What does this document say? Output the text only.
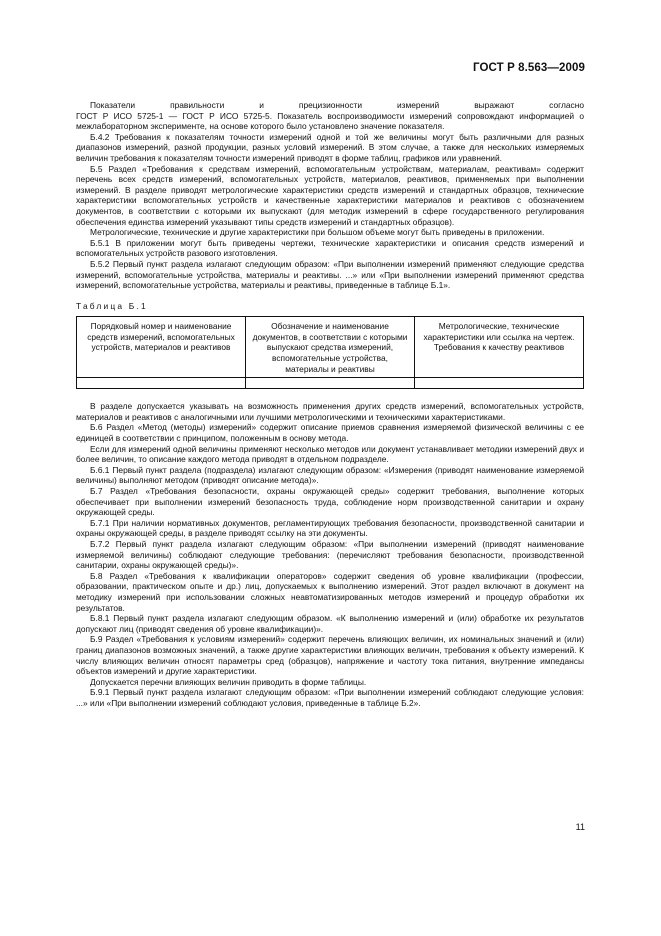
ГОСТ Р 8.563—2009

Показатели правильности и прецизионности измерений выражают согласно

ГОСТ Р ИСО 5725-1 — ГОСТ Р ИСО 5725-5. Показатель воспроизводимости измерений сопровождают информацией о межлабораторном эксперименте, на основе которого было установлено значение показателя.

Б.4.2 Требования к показателям точности измерений одной и той же величины могут быть различными для разных диапазонов измерений, разной продукции, разных условий измерений. В этом случае, а также для нескольких измеряемых величин требования к показателям точности измерений приводят в форме таблиц, графиков или уравнений.

Б.5 Раздел «Требования к средствам измерений, вспомогательным устройствам, материалам, реактивам» содержит перечень всех средств измерений, вспомогательных устройств, материалов, реактивов, применяемых при выполнении измерений. В разделе приводят метрологические характеристики средств измерений и стандартных образцов, технические характеристики вспомогательных устройств и качественные характеристики материалов и реактивов с обозначением документов, в соответствии с которыми их выпускают (для методик измерений в сфере государственного регулирования обеспечения единства измерений указывают типы средств измерений и стандартных образцов).

Метрологические, технические и другие характеристики при большом объеме могут быть приведены в приложении.

Б.5.1 В приложении могут быть приведены чертежи, технические характеристики и описания средств измерений и вспомогательных устройств разового изготовления.

Б.5.2 Первый пункт раздела излагают следующим образом: «При выполнении измерений применяют следующие средства измерений, вспомогательные устройства, материалы и реактивы. ...» или «При выполнении измерений применяют средства измерений, вспомогательные устройства, материалы и реактивы, приведенные в таблице Б.1».

Таблица Б.1
Порядковый номер и наименование средств измерений, вспомогательных устройств, материалов и реактивов	Обозначение и наименование документов, в соответствии с которыми выпускают средства измерений, вспомогательные устройства, материалы и реактивы	Метрологические, технические характеристики или ссылка на чертеж. Требования к качеству реактивов

В разделе допускается указывать на возможность применения других средств измерений, вспомогательных устройств, материалов и реактивов с аналогичными или лучшими метрологическими и техническими характеристиками.

Б.6 Раздел «Метод (методы) измерений» содержит описание приемов сравнения измеряемой физической величины с ее единицей в соответствии с принципом, положенным в основу метода.

Если для измерений одной величины применяют несколько методов или документ устанавливает методики измерений двух и более величин, то описание каждого метода приводят в отдельном подразделе.

Б.6.1 Первый пункт раздела (подраздела) излагают следующим образом: «Измерения (приводят наименование измеряемой величины) выполняют методом (приводят описание метода)».

Б.7 Раздел «Требования безопасности, охраны окружающей среды» содержит требования, выполнение которых обеспечивает при выполнении измерений безопасность труда, соблюдение норм производственной санитарии и охрану окружающей среды.

Б.7.1 При наличии нормативных документов, регламентирующих требования безопасности, производственной санитарии и охраны окружающей среды, в разделе приводят ссылку на эти документы.

Б.7.2 Первый пункт раздела излагают следующим образом: «При выполнении измерений (приводят наименование измеряемой величины) соблюдают следующие требования: (перечисляют требования безопасности, производственной санитарии, охраны окружающей среды)».

Б.8 Раздел «Требования к квалификации операторов» содержит сведения об уровне квалификации (профессии, образовании, практическом опыте и др.) лиц, допускаемых к выполнению измерений. Этот раздел включают в документ на методику измерений при использовании сложных неавтоматизированных методов измерений и процедур обработки их результатов.

Б.8.1 Первый пункт раздела излагают следующим образом. «К выполнению измерений и (или) обработке их результатов допускают лиц (приводят сведения об уровне квалификации)».

Б.9 Раздел «Требования к условиям измерений» содержит перечень влияющих величин, их номинальных значений и (или) границ диапазонов возможных значений, а также другие характеристики влияющих величин, требования к объекту измерений. К числу влияющих величин относят параметры сред (образцов), напряжение и частоту тока питания, внутренние импедансы объектов измерений и другие характеристики.

Допускается перечни влияющих величин приводить в форме таблицы.

Б.9.1 Первый пункт раздела излагают следующим образом: «При выполнении измерений соблюдают следующие условия: ...» или «При выполнении измерений соблюдают условия, приведенные в таблице Б.2».

11
